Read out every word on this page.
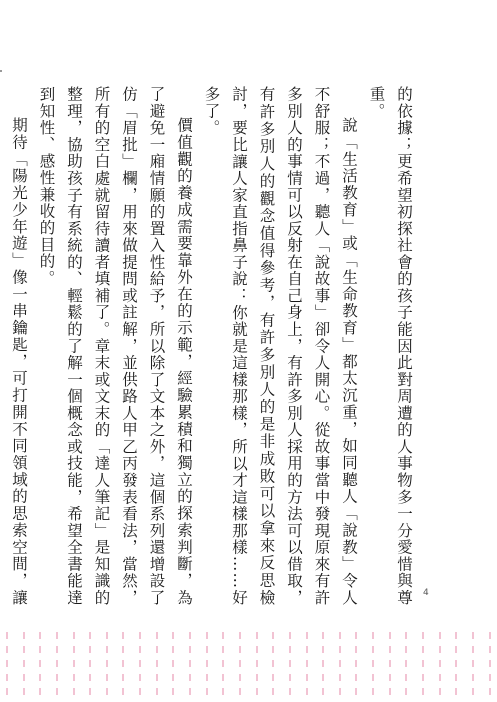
的依據；更希望初探社會的孩子能因此對周遭的人事物多一分愛惜與尊重。

說「生活教育」或「生命教育」都太沉重，如同聽人「說教」令人不舒服；不過，聽人「說故事」卻令人開心。從故事當中發現原來有許多別人的事情可以反射在自己身上，有許多別人採用的方法可以借取，有許多別人的觀念值得參考，有許多別人的是非成敗可以拿來反思檢討，要比讓人家直指鼻子說：你就是這樣那樣，所以才這樣那樣……好多了。

價值觀的養成需要靠外在的示範，經驗累積和獨立的探索判斷，為了避免一廂情願的置入性給予，所以除了文本之外，這個系列還增設了仿「眉批」欄，用來做提問或註解，並供路人甲乙丙發表看法，當然，所有的空白處就留待讀者填補了。章末或文末的「達人筆記」是知識的整理，協助孩子有系統的、輕鬆的了解一個概念或技能，希望全書能達到知性、感性兼收的目的。

期待「陽光少年遊」像一串鑰匙，可打開不同領域的思索空間，讓	4
